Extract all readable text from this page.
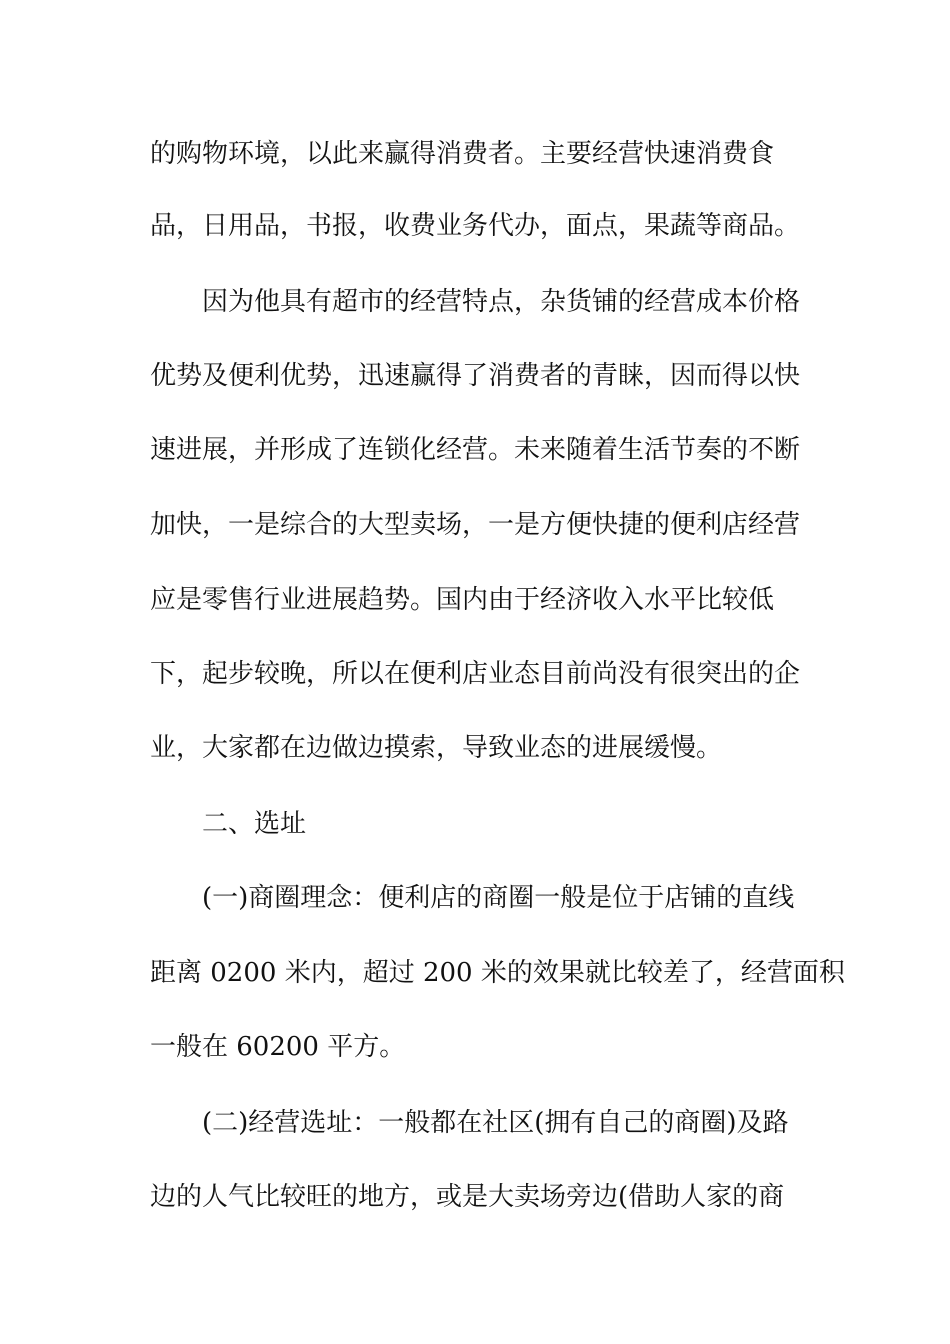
的购物环境，以此来赢得消费者。主要经营快速消费食
品，日用品，书报，收费业务代办，面点，果蔬等商品。
因为他具有超市的经营特点，杂货铺的经营成本价格
优势及便利优势，迅速赢得了消费者的青睐，因而得以快
速进展，并形成了连锁化经营。未来随着生活节奏的不断
加快，一是综合的大型卖场，一是方便快捷的便利店经营
应是零售行业进展趋势。国内由于经济收入水平比较低
下，起步较晚，所以在便利店业态目前尚没有很突出的企
业，大家都在边做边摸索，导致业态的进展缓慢。
二、选址
(一)商圈理念：便利店的商圈一般是位于店铺的直线
距离 0200 米内，超过 200 米的效果就比较差了，经营面积
一般在 60200 平方。
(二)经营选址：一般都在社区(拥有自己的商圈)及路
边的人气比较旺的地方，或是大卖场旁边(借助人家的商
